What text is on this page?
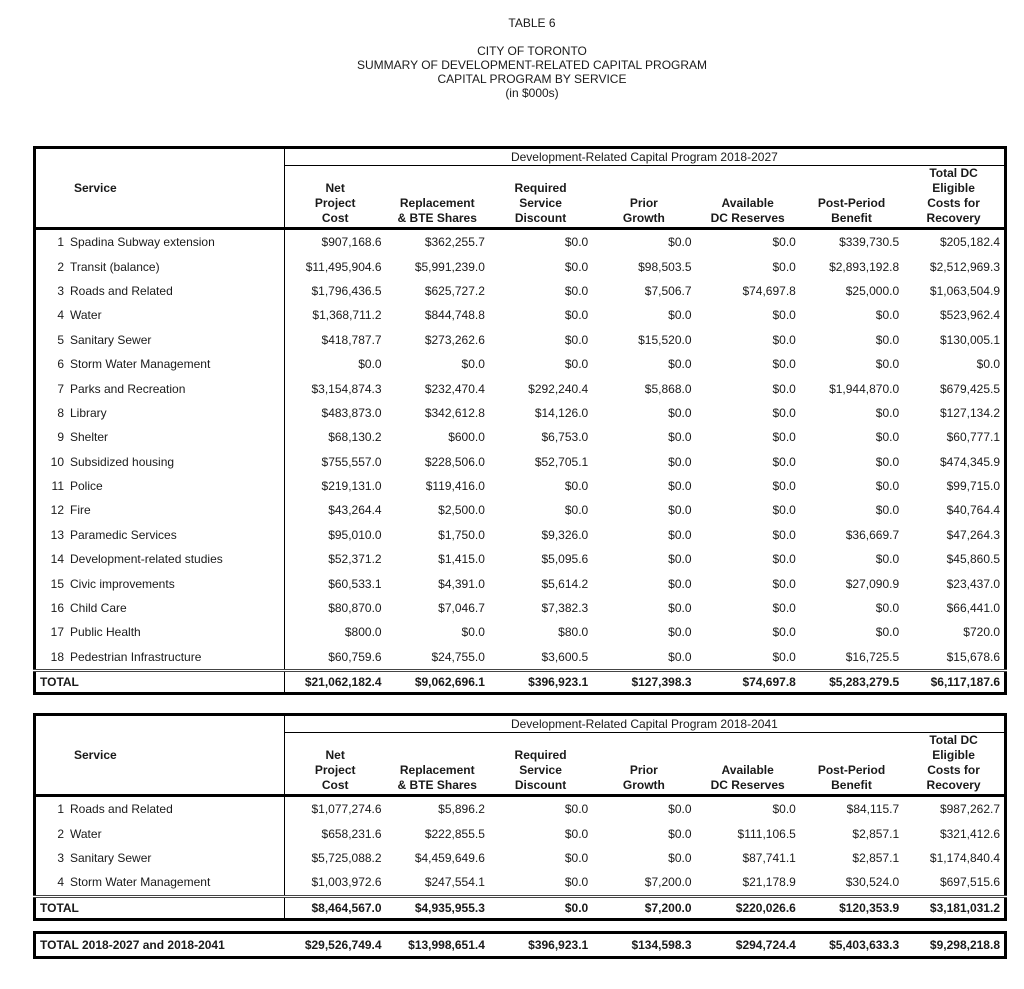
TABLE 6
CITY OF TORONTO
SUMMARY OF DEVELOPMENT-RELATED CAPITAL PROGRAM
CAPITAL PROGRAM BY SERVICE
(in $000s)
Service	Development-Related Capital Program 2018-2027						

Net
Project
Cost

Replacement
& BTE Shares

Required
Service
Discount

Prior
Growth

Available
DC Reserves

Post-Period
Benefit

Total DC
Eligible
Costs for
Recovery

1 Spadina Subway extension	$907,168.6	$362,255.7	$0.0	$0.0	$0.0	$339,730.5	$205,182.4
2 Transit (balance)	$11,495,904.6	$5,991,239.0	$0.0	$98,503.5	$0.0	$2,893,192.8	$2,512,969.3
3 Roads and Related	$1,796,436.5	$625,727.2	$0.0	$7,506.7	$74,697.8	$25,000.0	$1,063,504.9
4 Water	$1,368,711.2	$844,748.8	$0.0	$0.0	$0.0	$0.0	$523,962.4
5 Sanitary Sewer	$418,787.7	$273,262.6	$0.0	$15,520.0	$0.0	$0.0	$130,005.1
6 Storm Water Management	$0.0	$0.0	$0.0	$0.0	$0.0	$0.0	$0.0
7 Parks and Recreation	$3,154,874.3	$232,470.4	$292,240.4	$5,868.0	$0.0	$1,944,870.0	$679,425.5
8 Library	$483,873.0	$342,612.8	$14,126.0	$0.0	$0.0	$0.0	$127,134.2
9 Shelter	$68,130.2	$600.0	$6,753.0	$0.0	$0.0	$0.0	$60,777.1
10 Subsidized housing	$755,557.0	$228,506.0	$52,705.1	$0.0	$0.0	$0.0	$474,345.9
11 Police	$219,131.0	$119,416.0	$0.0	$0.0	$0.0	$0.0	$99,715.0
12 Fire	$43,264.4	$2,500.0	$0.0	$0.0	$0.0	$0.0	$40,764.4
13 Paramedic Services	$95,010.0	$1,750.0	$9,326.0	$0.0	$0.0	$36,669.7	$47,264.3
14 Development-related studies	$52,371.2	$1,415.0	$5,095.6	$0.0	$0.0	$0.0	$45,860.5
15 Civic improvements	$60,533.1	$4,391.0	$5,614.2	$0.0	$0.0	$27,090.9	$23,437.0
16 Child Care	$80,870.0	$7,046.7	$7,382.3	$0.0	$0.0	$0.0	$66,441.0
17 Public Health	$800.0	$0.0	$80.0	$0.0	$0.0	$0.0	$720.0
18 Pedestrian Infrastructure	$60,759.6	$24,755.0	$3,600.5	$0.0	$0.0	$16,725.5	$15,678.6
TOTAL	$21,062,182.4	$9,062,696.1	$396,923.1	$127,398.3	$74,697.8	$5,283,279.5	$6,117,187.6
Service	Development-Related Capital Program 2018-2041						

Net
Project
Cost

Replacement
& BTE Shares

Required
Service
Discount

Prior
Growth

Available
DC Reserves

Post-Period
Benefit

Total DC
Eligible
Costs for
Recovery

1 Roads and Related	$1,077,274.6	$5,896.2	$0.0	$0.0	$0.0	$84,115.7	$987,262.7
2 Water	$658,231.6	$222,855.5	$0.0	$0.0	$111,106.5	$2,857.1	$321,412.6
3 Sanitary Sewer	$5,725,088.2	$4,459,649.6	$0.0	$0.0	$87,741.1	$2,857.1	$1,174,840.4
4 Storm Water Management	$1,003,972.6	$247,554.1	$0.0	$7,200.0	$21,178.9	$30,524.0	$697,515.6
TOTAL	$8,464,567.0	$4,935,955.3	$0.0	$7,200.0	$220,026.6	$120,353.9	$3,181,031.2
TOTAL 2018-2027 and 2018-2041	$29,526,749.4	$13,998,651.4	$396,923.1	$134,598.3	$294,724.4	$5,403,633.3	$9,298,218.8
